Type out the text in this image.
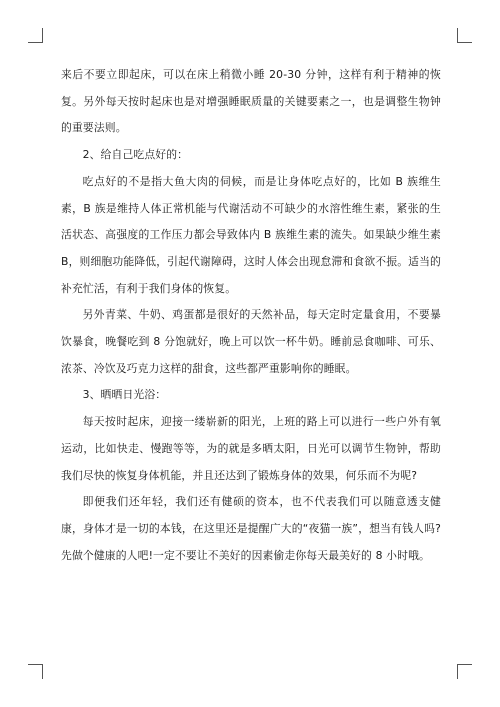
来后不要立即起床，可以在床上稍微小睡 20-30 分钟，这样有利于精神的恢复。另外每天按时起床也是对增强睡眠质量的关键要素之一，也是调整生物钟的重要法则。

2、给自己吃点好的：

吃点好的不是指大鱼大肉的伺候，而是让身体吃点好的，比如 B 族维生素，B 族是维持人体正常机能与代谢活动不可缺少的水溶性维生素，紧张的生活状态、高强度的工作压力都会导致体内 B 族维生素的流失。如果缺少维生素 B，则细胞功能降低，引起代谢障碍，这时人体会出现怠滞和食欲不振。适当的补充忙活，有利于我们身体的恢复。

另外青菜、牛奶、鸡蛋都是很好的天然补品，每天定时定量食用，不要暴饮暴食，晚餐吃到 8 分饱就好，晚上可以饮一杯牛奶。睡前忌食咖啡、可乐、浓茶、冷饮及巧克力这样的甜食，这些都严重影响你的睡眠。

3、晒晒日光浴：

每天按时起床，迎接一缕崭新的阳光，上班的路上可以进行一些户外有氧运动，比如快走、慢跑等等，为的就是多晒太阳，日光可以调节生物钟，帮助我们尽快的恢复身体机能，并且还达到了锻炼身体的效果，何乐而不为呢?

即便我们还年轻，我们还有健硕的资本，也不代表我们可以随意透支健康，身体才是一切的本钱，在这里还是提醒广大的“夜猫一族”，想当有钱人吗?先做个健康的人吧!一定不要让不美好的因素偷走你每天最美好的 8 小时哦。
